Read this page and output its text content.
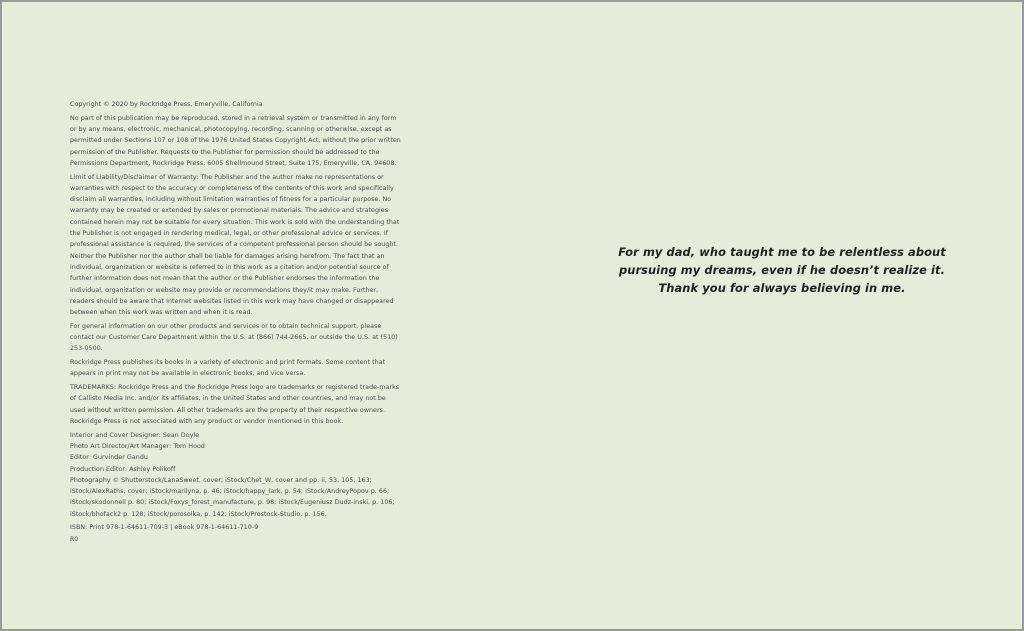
Copyright © 2020 by Rockridge Press, Emeryville, California

No part of this publication may be reproduced, stored in a retrieval system or transmitted in any form or by any means, electronic, mechanical, photocopying, recording, scanning or otherwise, except as permitted under Sections 107 or 108 of the 1976 United States Copyright Act, without the prior written permission of the Publisher. Requests to the Publisher for permission should be addressed to the Permissions Department, Rockridge Press, 6005 Shellmound Street, Suite 175, Emeryville, CA, 94608.

Limit of Liability/Disclaimer of Warranty: The Publisher and the author make no representations or warranties with respect to the accuracy or completeness of the contents of this work and specifically disclaim all warranties, including without limitation warranties of fitness for a particular purpose. No warranty may be created or extended by sales or promotional materials. The advice and strategies contained herein may not be suitable for every situation. This work is sold with the understanding that the Publisher is not engaged in rendering medical, legal, or other professional advice or services. If professional assistance is required, the services of a competent professional person should be sought. Neither the Publisher nor the author shall be liable for damages arising herefrom. The fact that an individual, organization or website is referred to in this work as a citation and/or potential source of further information does not mean that the author or the Publisher endorses the information the individual, organization or website may provide or recommendations they/it may make. Further, readers should be aware that Internet websites listed in this work may have changed or disappeared between when this work was written and when it is read.

For general information on our other products and services or to obtain technical support, please contact our Customer Care Department within the U.S. at (866) 744-2665, or outside the U.S. at (510) 253-0500.

Rockridge Press publishes its books in a variety of electronic and print formats. Some content that appears in print may not be available in electronic books, and vice versa.

TRADEMARKS: Rockridge Press and the Rockridge Press logo are trademarks or registered trade-marks of Callisto Media Inc. and/or its affiliates, in the United States and other countries, and may not be used without written permission. All other trademarks are the property of their respective owners. Rockridge Press is not associated with any product or vendor mentioned in this book.

Interior and Cover Designer: Sean Doyle

Photo Art Director/Art Manager: Tom Hood

Editor: Gurvinder Gandu

Production Editor: Ashley Polikoff

Photography © Shutterstock/LanaSweet, cover; iStock/Chet_W, cover and pp. ii, 53, 105, 163; iStock/AlexRaths, cover; iStock/marilyna, p. 46; iStock/happy_lark, p. 54; iStock/AndreyPopov p. 66; iStock/skodonnell p. 80; iStock/Foxys_forest_manufacture, p. 98; iStock/Eugeniusz Dudz-inski, p. 106; iStock/bhofack2 p. 128; iStock/porosolka, p. 142; iStock/Prostock-Studio, p. 156.

ISBN: Print 978-1-64611-709-3 | eBook 978-1-64611-710-9

R0

For my dad, who taught me to be relentless about
pursuing my dreams, even if he doesn’t realize it.
Thank you for always believing in me.
